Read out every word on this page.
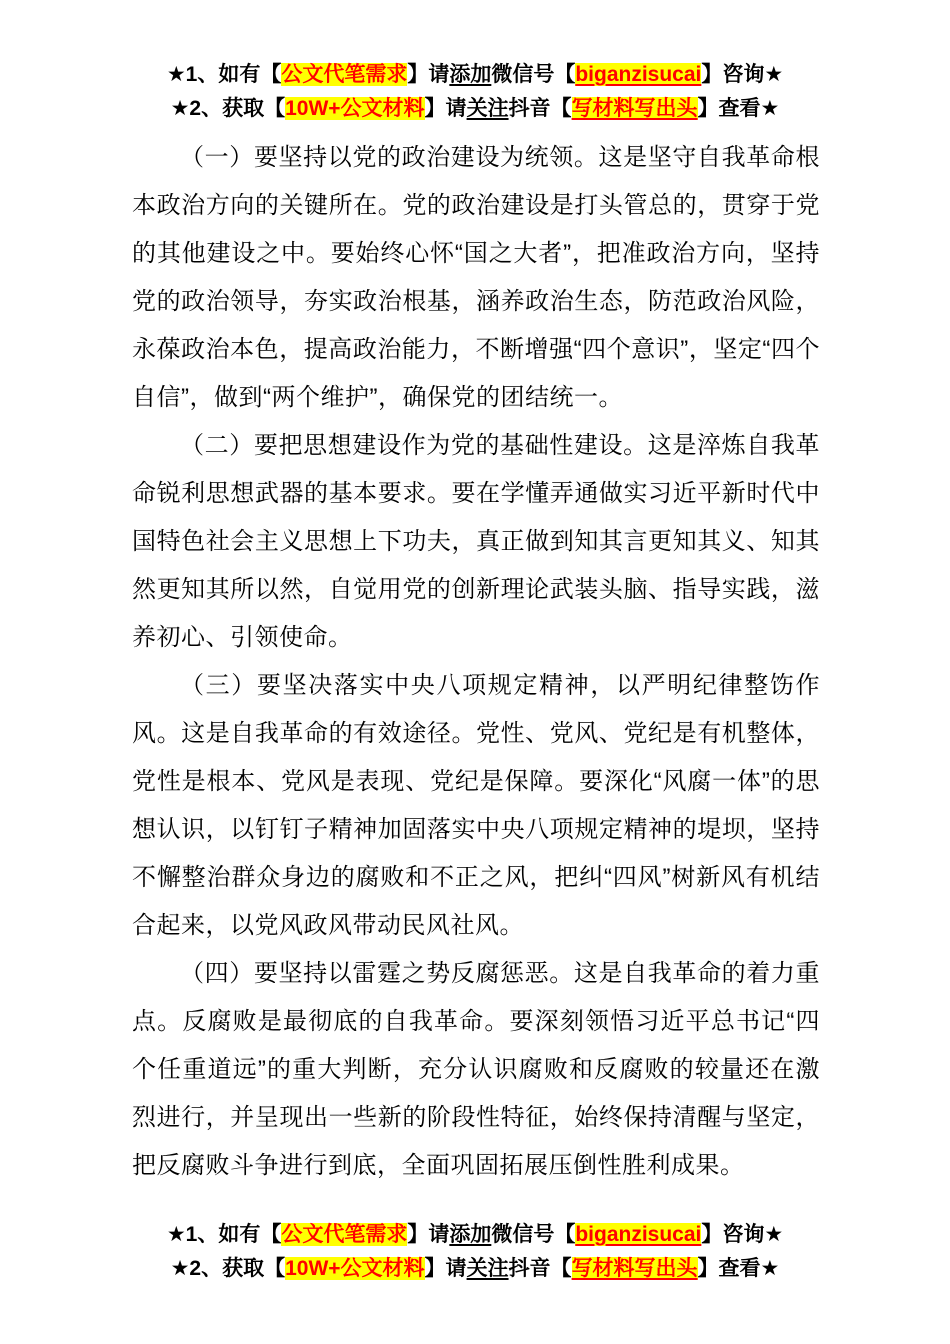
★1、如有【公文代笔需求】请添加微信号【biganzisucai】咨询★
★2、获取【10W+公文材料】请关注抖音【写材料写出头】查看★

（一）要坚持以党的政治建设为统领。这是坚守自我革命根本政治方向的关键所在。党的政治建设是打头管总的，贯穿于党的其他建设之中。要始终心怀“国之大者”，把准政治方向，坚持党的政治领导，夯实政治根基，涵养政治生态，防范政治风险，永葆政治本色，提高政治能力，不断增强“四个意识”，坚定“四个自信”，做到“两个维护”，确保党的团结统一。

（二）要把思想建设作为党的基础性建设。这是淬炼自我革命锐利思想武器的基本要求。要在学懂弄通做实习近平新时代中国特色社会主义思想上下功夫，真正做到知其言更知其义、知其然更知其所以然，自觉用党的创新理论武装头脑、指导实践，滋养初心、引领使命。

（三）要坚决落实中央八项规定精神，以严明纪律整饬作风。这是自我革命的有效途径。党性、党风、党纪是有机整体，党性是根本、党风是表现、党纪是保障。要深化“风腐一体”的思想认识，以钉钉子精神加固落实中央八项规定精神的堤坝，坚持不懈整治群众身边的腐败和不正之风，把纠“四风”树新风有机结合起来，以党风政风带动民风社风。

（四）要坚持以雷霆之势反腐惩恶。这是自我革命的着力重点。反腐败是最彻底的自我革命。要深刻领悟习近平总书记“四个任重道远”的重大判断，充分认识腐败和反腐败的较量还在激烈进行，并呈现出一些新的阶段性特征，始终保持清醒与坚定，把反腐败斗争进行到底，全面巩固拓展压倒性胜利成果。

★1、如有【公文代笔需求】请添加微信号【biganzisucai】咨询★
★2、获取【10W+公文材料】请关注抖音【写材料写出头】查看★
